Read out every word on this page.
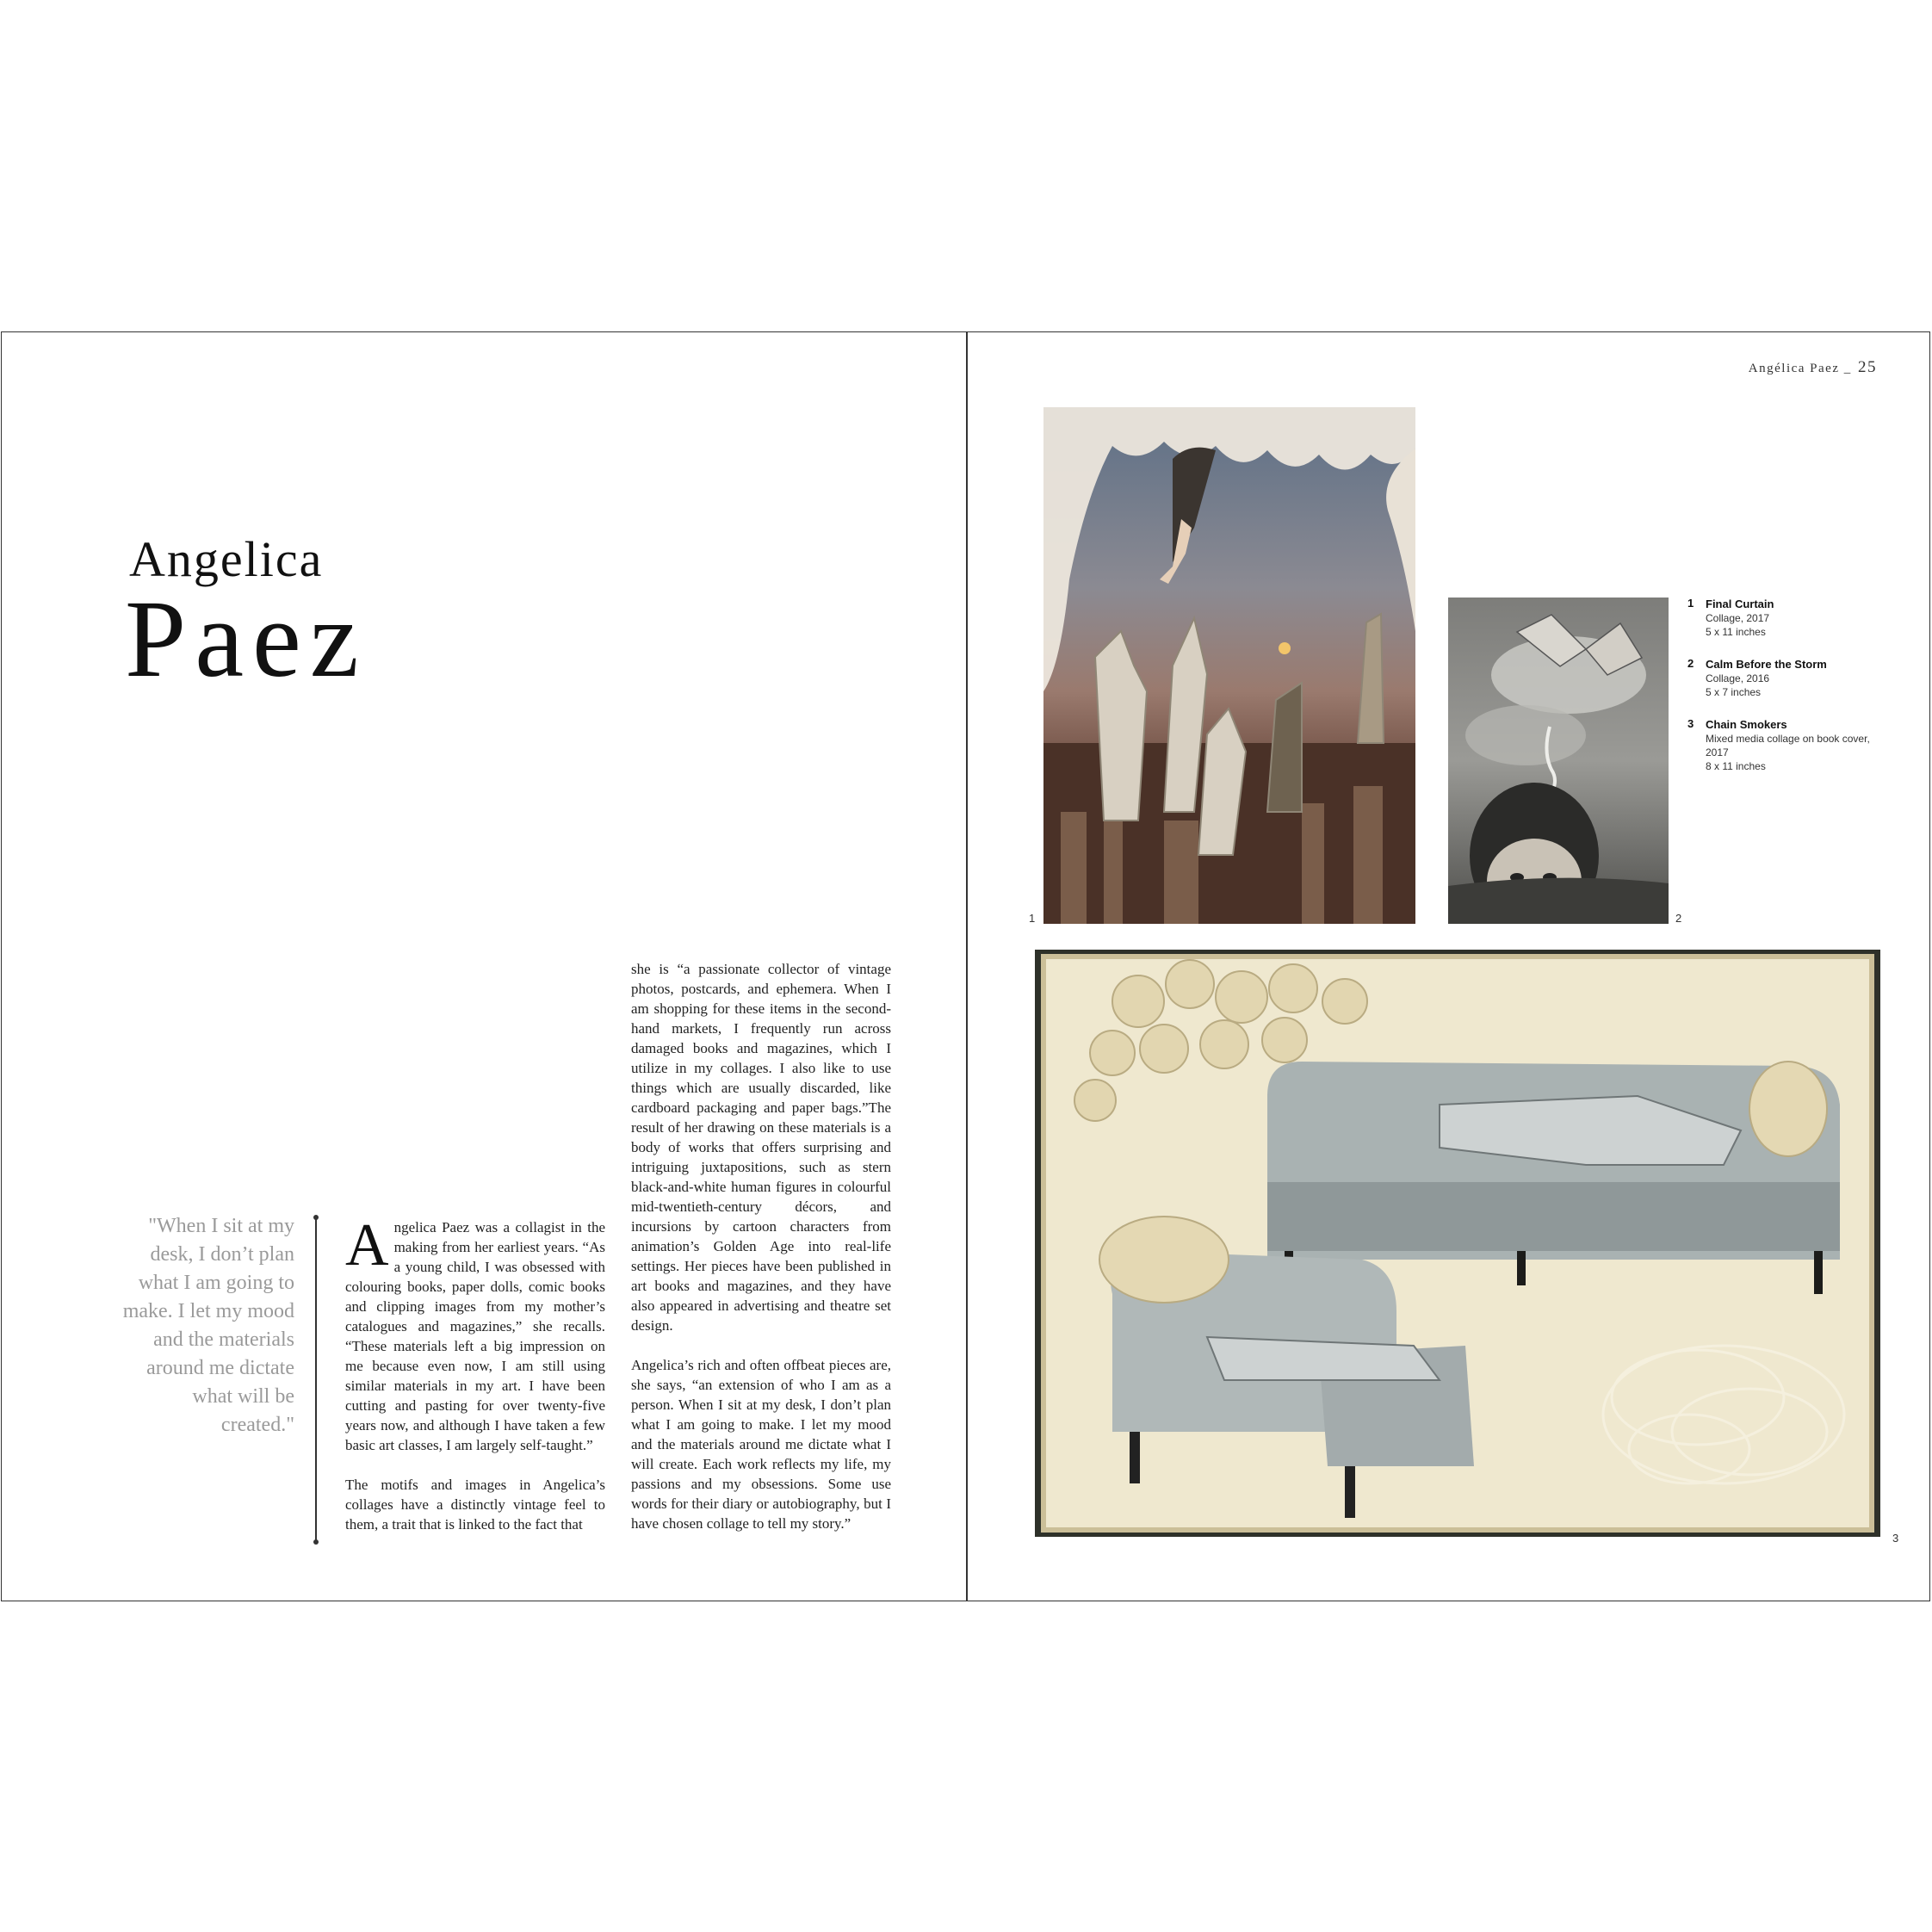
Angelica
Paez
"When I sit at my desk, I don’t plan what I am going to make. I let my mood and the materials around me dictate what will be created."

Angelica Paez was a collagist in the making from her earliest years. “As a young child, I was obsessed with colouring books, paper dolls, comic books and clipping images from my mother’s catalogues and magazines,” she recalls. “These materials left a big impression on me because even now, I am still using similar materials in my art. I have been cutting and pasting for over twenty-five years now, and although I have taken a few basic art classes, I am largely self-taught.”

The motifs and images in Angelica’s collages have a distinctly vintage feel to them, a trait that is linked to the fact that

she is “a passionate collector of vintage photos, postcards, and ephemera. When I am shopping for these items in the second-hand markets, I frequently run across damaged books and magazines, which I utilize in my collages. I also like to use things which are usually discarded, like cardboard packaging and paper bags.”The result of her drawing on these materials is a body of works that offers surprising and intriguing juxtapositions, such as stern black-and-white human figures in colourful mid-twentieth-century décors, and incursions by cartoon characters from animation’s Golden Age into real-life settings. Her pieces have been published in art books and magazines, and they have also appeared in advertising and theatre set design.

Angelica’s rich and often offbeat pieces are, she says, “an extension of who I am as a person. When I sit at my desk, I don’t plan what I am going to make. I let my mood and the materials around me dictate what I will create. Each work reflects my life, my passions and my obsessions. Some use words for their diary or autobiography, but I have chosen collage to tell my story.”

Angélica Paez _ 25
1	2
3
1 Final Curtain
Collage, 2017
5 x 11 inches
2 Calm Before the Storm
Collage, 2016
5 x 7 inches
3 Chain Smokers
Mixed media collage on book cover, 2017
8 x 11 inches
